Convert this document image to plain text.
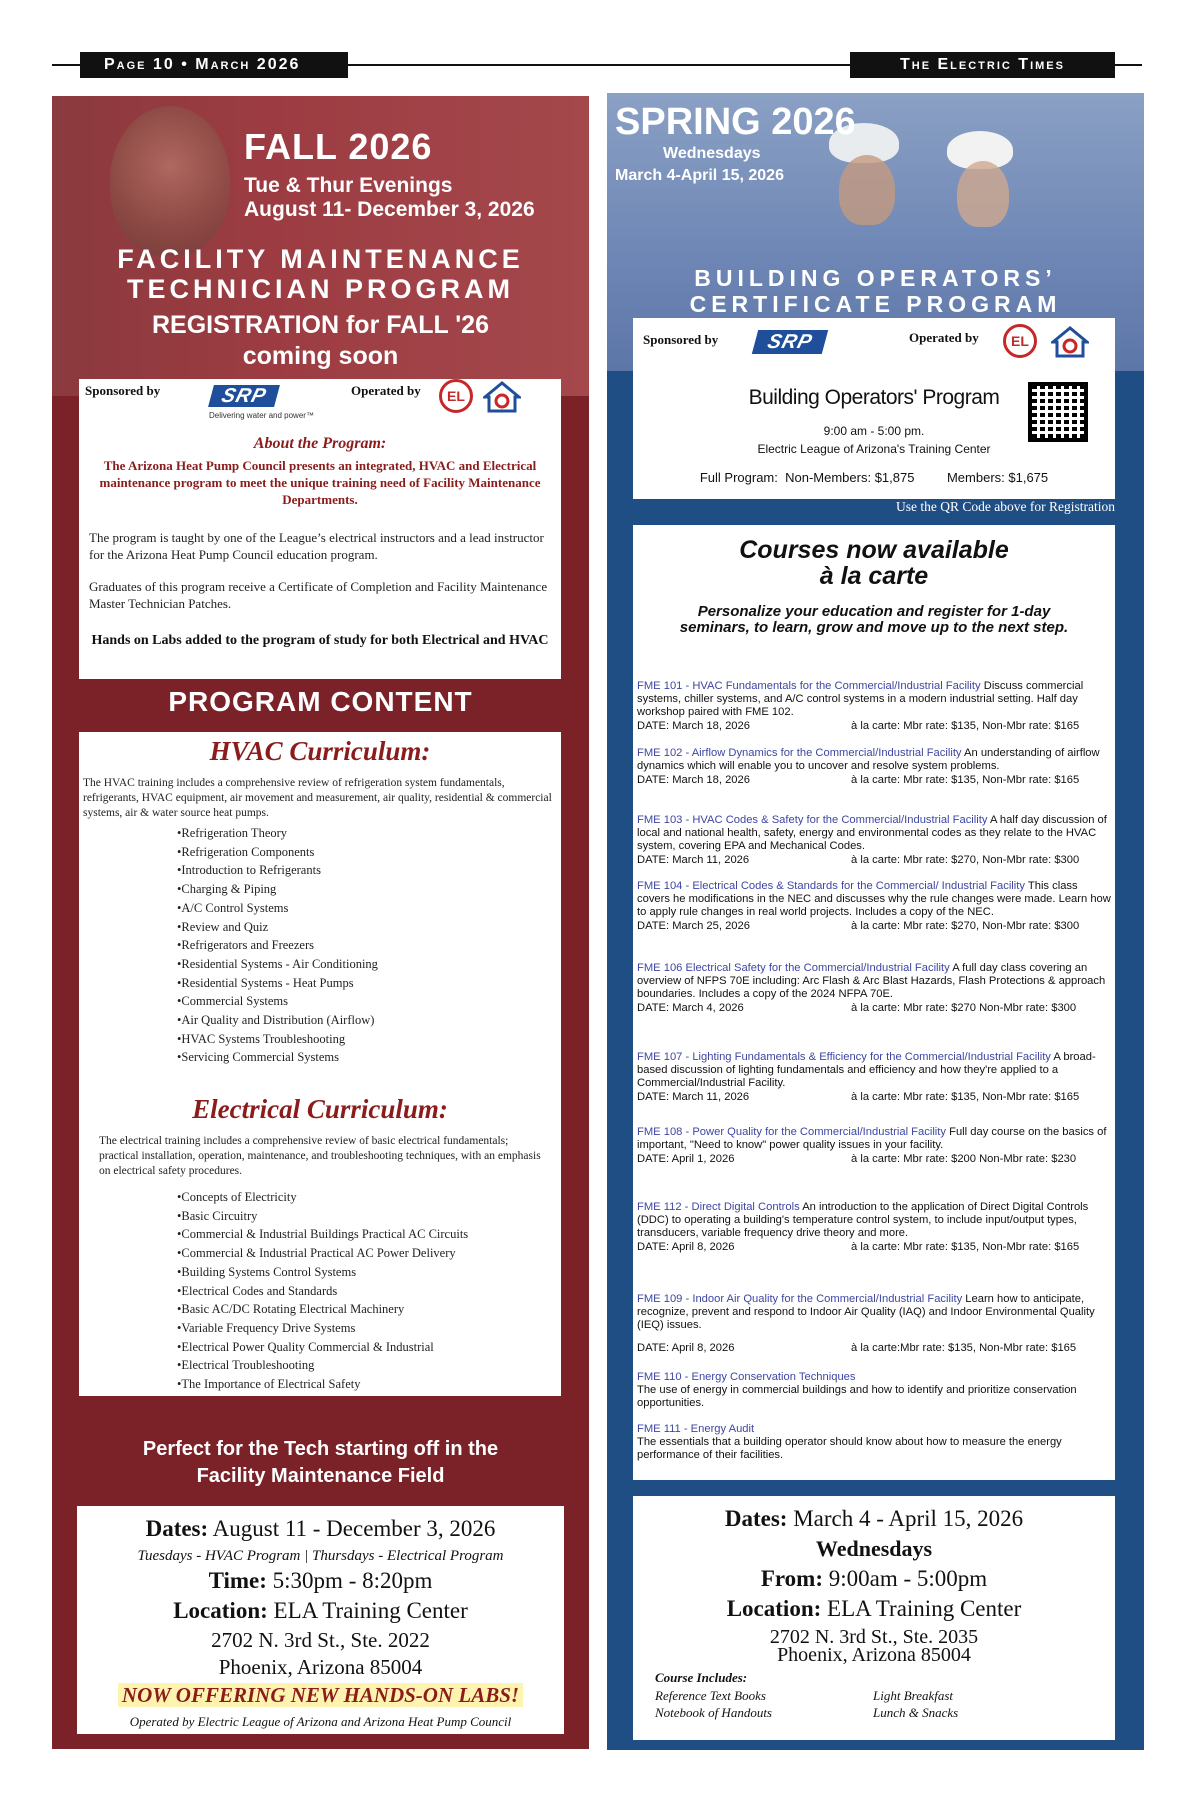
Page 10 • March 2026	The Electric Times
FALL 2026
Tue & Thur Evenings
August 11- December 3, 2026
FACILITY MAINTENANCE
TECHNICIAN PROGRAM
REGISTRATION for FALL '26
coming soon
Sponsored by	SRP
Delivering water and power™
Operated by	EL
About the Program:
The Arizona Heat Pump Council presents an integrated, HVAC and Electrical maintenance program to meet the unique training need of Facility Maintenance Departments.
The program is taught by one of the League’s electrical instructors and a lead instructor for the Arizona Heat Pump Council education program.
Graduates of this program receive a Certificate of Completion and Facility Maintenance Master Technician Patches.
Hands on Labs added to the program of study for both Electrical and HVAC
PROGRAM CONTENT
HVAC Curriculum:
The HVAC training includes a comprehensive review of refrigeration system fundamentals, refrigerants, HVAC equipment, air movement and measurement, air quality, residential & commercial systems, air & water source heat pumps.
• Refrigeration Theory
• Refrigeration Components
• Introduction to Refrigerants
• Charging & Piping
• A/C Control Systems
• Review and Quiz
• Refrigerators and Freezers
• Residential Systems - Air Conditioning
• Residential Systems - Heat Pumps
• Commercial Systems
• Air Quality and Distribution (Airflow)
• HVAC Systems Troubleshooting
• Servicing Commercial Systems
Electrical Curriculum:
The electrical training includes a comprehensive review of basic electrical fundamentals; practical installation, operation, maintenance, and troubleshooting techniques, with an emphasis on electrical safety procedures.
• Concepts of Electricity
• Basic Circuitry
• Commercial & Industrial Buildings Practical AC Circuits
• Commercial & Industrial Practical AC Power Delivery
• Building Systems Control Systems
• Electrical Codes and Standards
• Basic AC/DC Rotating Electrical Machinery
• Variable Frequency Drive Systems
• Electrical Power Quality Commercial & Industrial
• Electrical Troubleshooting
• The Importance of Electrical Safety
Perfect for the Tech starting off in the
Facility Maintenance Field
Dates: August 11 - December 3, 2026
Tuesdays - HVAC Program | Thursdays - Electrical Program
Time: 5:30pm - 8:20pm
Location: ELA Training Center
2702 N. 3rd St., Ste. 2022
Phoenix, Arizona 85004
NOW OFFERING NEW HANDS-ON LABS!
Operated by Electric League of Arizona and Arizona Heat Pump Council
SPRING 2026
Wednesdays
March 4-April 15, 2026
BUILDING OPERATORS’
CERTIFICATE PROGRAM
Sponsored by	SRP	Operated by	EL
Building Operators' Program
9:00 am - 5:00 pm.
Electric League of Arizona's Training Center
Full Program: Non-Members: $1,875	Members: $1,675
Use the QR Code above for Registration
Courses now available
à la carte
Personalize your education and register for 1-day seminars, to learn, grow and move up to the next step.
FME 101 - HVAC Fundamentals for the Commercial/Industrial Facility Discuss commercial systems, chiller systems, and A/C control systems in a modern industrial setting. Half day workshop paired with FME 102.
DATE: March 18, 2026	à la carte: Mbr rate: $135, Non-Mbr rate: $165
FME 102 - Airflow Dynamics for the Commercial/Industrial Facility An understanding of airflow dynamics which will enable you to uncover and resolve system problems.
DATE: March 18, 2026	à la carte: Mbr rate: $135, Non-Mbr rate: $165
FME 103 - HVAC Codes & Safety for the Commercial/Industrial Facility A half day discussion of local and national health, safety, energy and environmental codes as they relate to the HVAC system, covering EPA and Mechanical Codes.
DATE: March 11, 2026	à la carte: Mbr rate: $270, Non-Mbr rate: $300
FME 104 - Electrical Codes & Standards for the Commercial/ Industrial Facility This class covers he modifications in the NEC and discusses why the rule changes were made. Learn how to apply rule changes in real world projects. Includes a copy of the NEC.
DATE: March 25, 2026	à la carte: Mbr rate: $270, Non-Mbr rate: $300
FME 106 Electrical Safety for the Commercial/Industrial Facility A full day class covering an overview of NFPS 70E including: Arc Flash & Arc Blast Hazards, Flash Protections & approach boundaries. Includes a copy of the 2024 NFPA 70E.
DATE: March 4, 2026	à la carte: Mbr rate: $270 Non-Mbr rate: $300
FME 107 - Lighting Fundamentals & Efficiency for the Commercial/Industrial Facility A broad-based discussion of lighting fundamentals and efficiency and how they're applied to a Commercial/Industrial Facility.
DATE: March 11, 2026	à la carte: Mbr rate: $135, Non-Mbr rate: $165
FME 108 - Power Quality for the Commercial/Industrial Facility Full day course on the basics of important, "Need to know" power quality issues in your facility.
DATE: April 1, 2026	à la carte: Mbr rate: $200 Non-Mbr rate: $230
FME 112 - Direct Digital Controls An introduction to the application of Direct Digital Controls (DDC) to operating a building's temperature control system, to include input/output types, transducers, variable frequency drive theory and more.
DATE: April 8, 2026	à la carte: Mbr rate: $135, Non-Mbr rate: $165
FME 109 - Indoor Air Quality for the Commercial/Industrial Facility Learn how to anticipate, recognize, prevent and respond to Indoor Air Quality (IAQ) and Indoor Environmental Quality (IEQ) issues.
DATE: April 8, 2026	à la carte:Mbr rate: $135, Non-Mbr rate: $165
FME 110 - Energy Conservation Techniques
The use of energy in commercial buildings and how to identify and prioritize conservation opportunities.
FME 111 - Energy Audit
The essentials that a building operator should know about how to measure the energy performance of their facilities.
Dates: March 4 - April 15, 2026
Wednesdays
From: 9:00am - 5:00pm
Location: ELA Training Center
2702 N. 3rd St., Ste. 2035
Phoenix, Arizona 85004
Course Includes:
Reference Text Books
Notebook of Handouts
Light Breakfast
Lunch & Snacks
